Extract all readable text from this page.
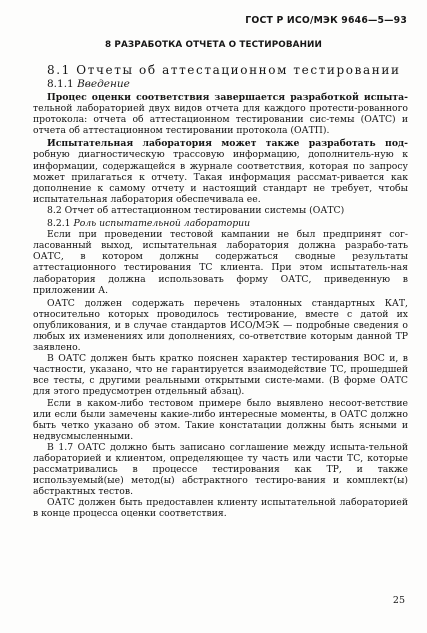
ГОСТ Р ИСО/МЭК 9646—5—93
8 РАЗРАБОТКА ОТЧЕТА О ТЕСТИРОВАНИИ

8.1 Отчеты об аттестационном тестировании

8.1.1 Введение

Процес оценки соответствия завершается разработкой испыта- тельной лабораторией двух видов отчета для каждого протести-рованного протокола: отчета об аттестационном тестировании сис-темы (ОАТС) и отчета об аттестационном тестировании протокола (ОАТП).

Испытательная лаборатория может также разработать под- робную диагностическую трассовую информацию, дополнитель-ную к информации, содержащейся в журнале соответствия, которая по запросу может прилагаться к отчету. Такая информация рассмат-ривается как дополнение к самому отчету и настоящий стандарт не требует, чтобы испытательная лаборатория обеспечивала ее.

8.2 Отчет об аттестационном тестировании системы (ОАТС)

8.2.1 Роль испытательной лаборатории

Если при проведении тестовой кампании не был предпринят сог-ласованный выход, испытательная лаборатория должна разрабо-тать ОАТС, в котором должны содержаться сводные результаты аттестационного тестирования ТС клиента. При этом испытатель-ная лаборатория должна использовать форму ОАТС, приведенную в приложении А.

ОАТС должен содержать перечень эталонных стандартных КАТ, относительно которых проводилось тестирование, вместе с датой их опубликования, и в случае стандартов ИСО/МЭК — подробные сведения о любых их изменениях или дополнениях, со-ответствие которым данной ТР заявлено.

В ОАТС должен быть кратко пояснен характер тестирования ВОС и, в частности, указано, что не гарантируется взаимодействие ТС, прошедшей все тесты, с другими реальными открытыми систе-мами. (В форме ОАТС для этого предусмотрен отдельный абзац).

Если в каком-либо тестовом примере было выявлено несоот-ветствие или если были замечены какие-либо интересные моменты, в ОАТС должно быть четко указано об этом. Такие констатации должны быть ясными и недвусмысленными.

В 1.7 ОАТС должно быть записано соглашение между испыта-тельной лабораторией и клиентом, определяющее ту часть или части ТС, которые рассматривались в процессе тестирования как ТР, и также используемый(ые) метод(ы) абстрактного тестиро-вания и комплект(ы) абстрактных тестов.

ОАТС должен быть предоставлен клиенту испытательной лабораторией в конце процесса оценки соответствия.

25
